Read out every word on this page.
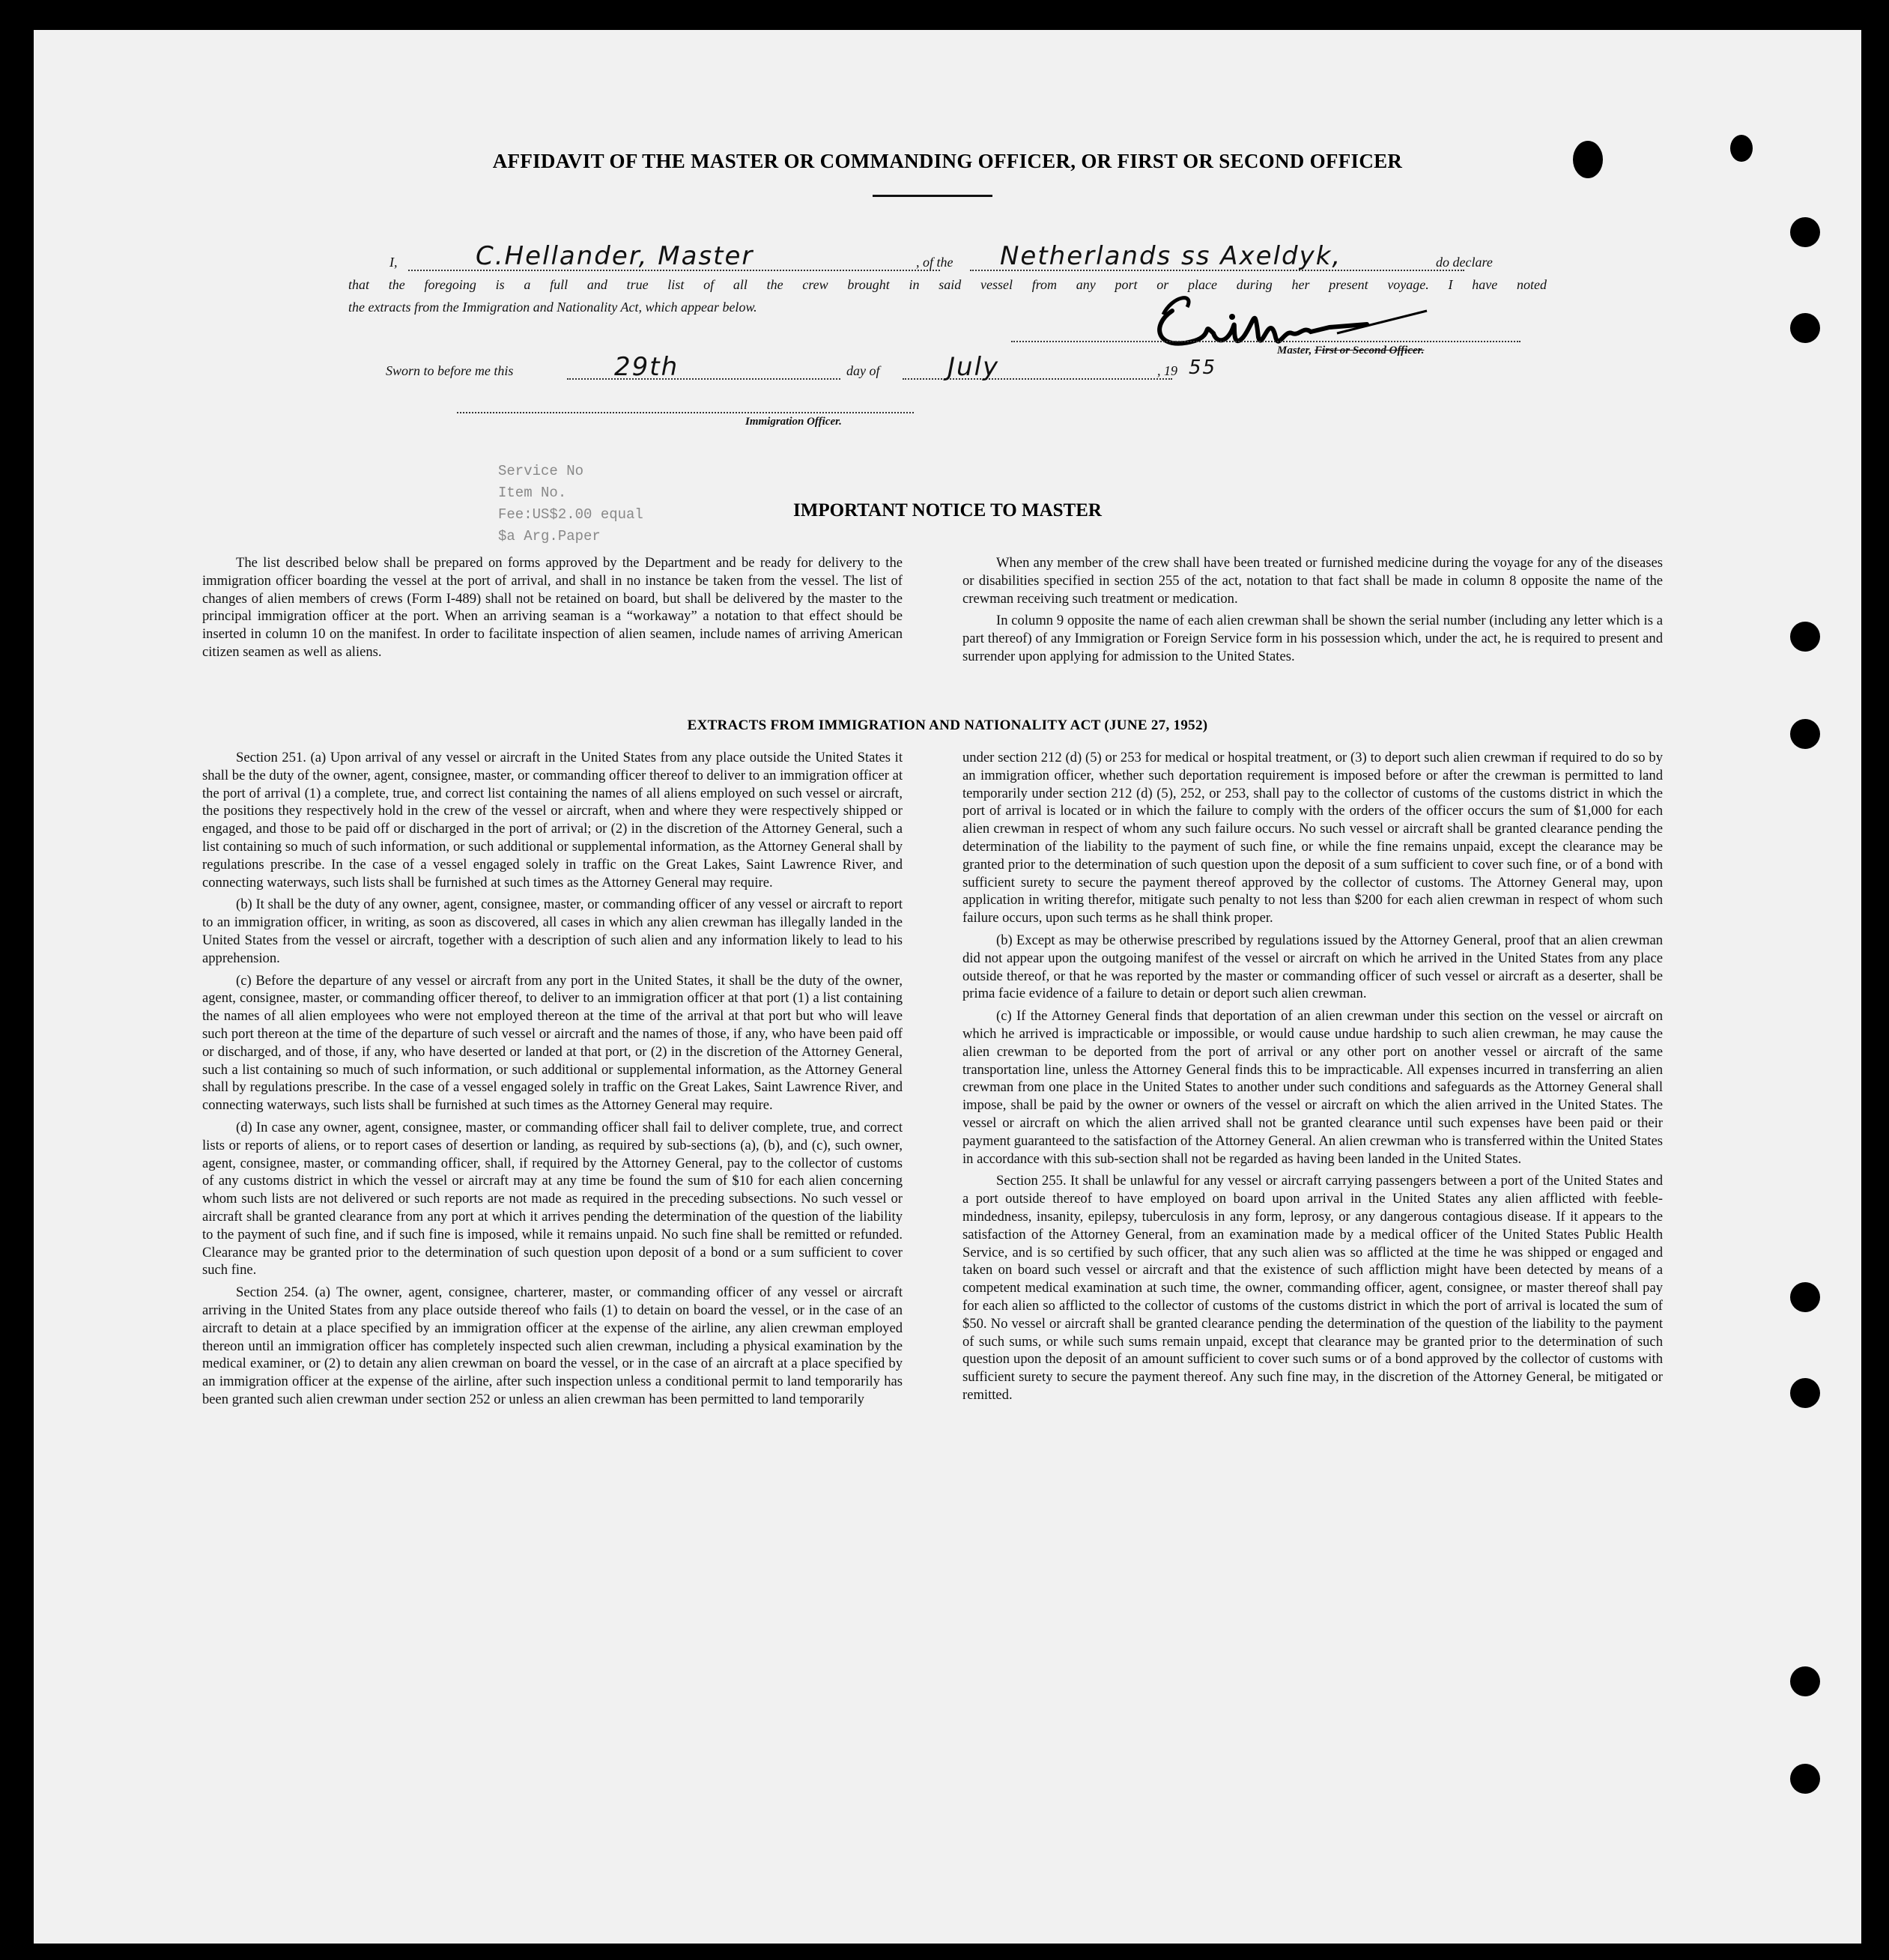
AFFIDAVIT OF THE MASTER OR COMMANDING OFFICER, OR FIRST OR SECOND OFFICER
I,	C.Hellander, Master	, of the Netherlands ss Axeldyk,	do declare
that the foregoing is a full and true list of all the crew brought in said vessel from any port or place during her present voyage. I have noted
the extracts from the Immigration and Nationality Act, which appear below.
Master, First or Second Officer.
Sworn to before me this	29th	day of	July	, 19 55
Immigration Officer.
Service No
Item No.
Fee:US$2.00 equal
$a Arg.Paper
IMPORTANT NOTICE TO MASTER

The list described below shall be prepared on forms approved by the Department and be ready for delivery to the immigration officer boarding the vessel at the port of arrival, and shall in no instance be taken from the vessel. The list of changes of alien members of crews (Form I-489) shall not be retained on board, but shall be delivered by the master to the principal immigration officer at the port. When an arriving seaman is a “workaway” a notation to that effect should be inserted in column 10 on the manifest. In order to facilitate inspection of alien seamen, include names of arriving American citizen seamen as well as aliens.

When any member of the crew shall have been treated or furnished medicine during the voyage for any of the diseases or disabilities specified in section 255 of the act, notation to that fact shall be made in column 8 opposite the name of the crewman receiving such treatment or medication.

In column 9 opposite the name of each alien crewman shall be shown the serial number (including any letter which is a part thereof) of any Immigration or Foreign Service form in his possession which, under the act, he is required to present and surrender upon applying for admission to the United States.

EXTRACTS FROM IMMIGRATION AND NATIONALITY ACT (JUNE 27, 1952)

Section 251. (a) Upon arrival of any vessel or aircraft in the United States from any place outside the United States it shall be the duty of the owner, agent, consignee, master, or commanding officer thereof to deliver to an immigration officer at the port of arrival (1) a complete, true, and correct list containing the names of all aliens employed on such vessel or aircraft, the positions they respectively hold in the crew of the vessel or aircraft, when and where they were respectively shipped or engaged, and those to be paid off or discharged in the port of arrival; or (2) in the discretion of the Attorney General, such a list containing so much of such information, or such additional or supplemental information, as the Attorney General shall by regulations prescribe. In the case of a vessel engaged solely in traffic on the Great Lakes, Saint Lawrence River, and connecting waterways, such lists shall be furnished at such times as the Attorney General may require.

(b) It shall be the duty of any owner, agent, consignee, master, or commanding officer of any vessel or aircraft to report to an immigration officer, in writing, as soon as discovered, all cases in which any alien crewman has illegally landed in the United States from the vessel or aircraft, together with a description of such alien and any information likely to lead to his apprehension.

(c) Before the departure of any vessel or aircraft from any port in the United States, it shall be the duty of the owner, agent, consignee, master, or commanding officer thereof, to deliver to an immigration officer at that port (1) a list containing the names of all alien employees who were not employed thereon at the time of the arrival at that port but who will leave such port thereon at the time of the departure of such vessel or aircraft and the names of those, if any, who have been paid off or discharged, and of those, if any, who have deserted or landed at that port, or (2) in the discretion of the Attorney General, such a list containing so much of such information, or such additional or supplemental information, as the Attorney General shall by regulations prescribe. In the case of a vessel engaged solely in traffic on the Great Lakes, Saint Lawrence River, and connecting waterways, such lists shall be furnished at such times as the Attorney General may require.

(d) In case any owner, agent, consignee, master, or commanding officer shall fail to deliver complete, true, and correct lists or reports of aliens, or to report cases of desertion or landing, as required by sub-sections (a), (b), and (c), such owner, agent, consignee, master, or commanding officer, shall, if required by the Attorney General, pay to the collector of customs of any customs district in which the vessel or aircraft may at any time be found the sum of $10 for each alien concerning whom such lists are not delivered or such reports are not made as required in the preceding subsections. No such vessel or aircraft shall be granted clearance from any port at which it arrives pending the determination of the question of the liability to the payment of such fine, and if such fine is imposed, while it remains unpaid. No such fine shall be remitted or refunded. Clearance may be granted prior to the determination of such question upon deposit of a bond or a sum sufficient to cover such fine.

Section 254. (a) The owner, agent, consignee, charterer, master, or commanding officer of any vessel or aircraft arriving in the United States from any place outside thereof who fails (1) to detain on board the vessel, or in the case of an aircraft to detain at a place specified by an immigration officer at the expense of the airline, any alien crewman employed thereon until an immigration officer has completely inspected such alien crewman, including a physical examination by the medical examiner, or (2) to detain any alien crewman on board the vessel, or in the case of an aircraft at a place specified by an immigration officer at the expense of the airline, after such inspection unless a conditional permit to land temporarily has been granted such alien crewman under section 252 or unless an alien crewman has been permitted to land temporarily

under section 212 (d) (5) or 253 for medical or hospital treatment, or (3) to deport such alien crewman if required to do so by an immigration officer, whether such deportation requirement is imposed before or after the crewman is permitted to land temporarily under section 212 (d) (5), 252, or 253, shall pay to the collector of customs of the customs district in which the port of arrival is located or in which the failure to comply with the orders of the officer occurs the sum of $1,000 for each alien crewman in respect of whom any such failure occurs. No such vessel or aircraft shall be granted clearance pending the determination of the liability to the payment of such fine, or while the fine remains unpaid, except the clearance may be granted prior to the determination of such question upon the deposit of a sum sufficient to cover such fine, or of a bond with sufficient surety to secure the payment thereof approved by the collector of customs. The Attorney General may, upon application in writing therefor, mitigate such penalty to not less than $200 for each alien crewman in respect of whom such failure occurs, upon such terms as he shall think proper.

(b) Except as may be otherwise prescribed by regulations issued by the Attorney General, proof that an alien crewman did not appear upon the outgoing manifest of the vessel or aircraft on which he arrived in the United States from any place outside thereof, or that he was reported by the master or commanding officer of such vessel or aircraft as a deserter, shall be prima facie evidence of a failure to detain or deport such alien crewman.

(c) If the Attorney General finds that deportation of an alien crewman under this section on the vessel or aircraft on which he arrived is impracticable or impossible, or would cause undue hardship to such alien crewman, he may cause the alien crewman to be deported from the port of arrival or any other port on another vessel or aircraft of the same transportation line, unless the Attorney General finds this to be impracticable. All expenses incurred in transferring an alien crewman from one place in the United States to another under such conditions and safeguards as the Attorney General shall impose, shall be paid by the owner or owners of the vessel or aircraft on which the alien arrived in the United States. The vessel or aircraft on which the alien arrived shall not be granted clearance until such expenses have been paid or their payment guaranteed to the satisfaction of the Attorney General. An alien crewman who is transferred within the United States in accordance with this sub-section shall not be regarded as having been landed in the United States.

Section 255. It shall be unlawful for any vessel or aircraft carrying passengers between a port of the United States and a port outside thereof to have employed on board upon arrival in the United States any alien afflicted with feeble-mindedness, insanity, epilepsy, tuberculosis in any form, leprosy, or any dangerous contagious disease. If it appears to the satisfaction of the Attorney General, from an examination made by a medical officer of the United States Public Health Service, and is so certified by such officer, that any such alien was so afflicted at the time he was shipped or engaged and taken on board such vessel or aircraft and that the existence of such affliction might have been detected by means of a competent medical examination at such time, the owner, commanding officer, agent, consignee, or master thereof shall pay for each alien so afflicted to the collector of customs of the customs district in which the port of arrival is located the sum of $50. No vessel or aircraft shall be granted clearance pending the determination of the question of the liability to the payment of such sums, or while such sums remain unpaid, except that clearance may be granted prior to the determination of such question upon the deposit of an amount sufficient to cover such sums or of a bond approved by the collector of customs with sufficient surety to secure the payment thereof. Any such fine may, in the discretion of the Attorney General, be mitigated or remitted.
